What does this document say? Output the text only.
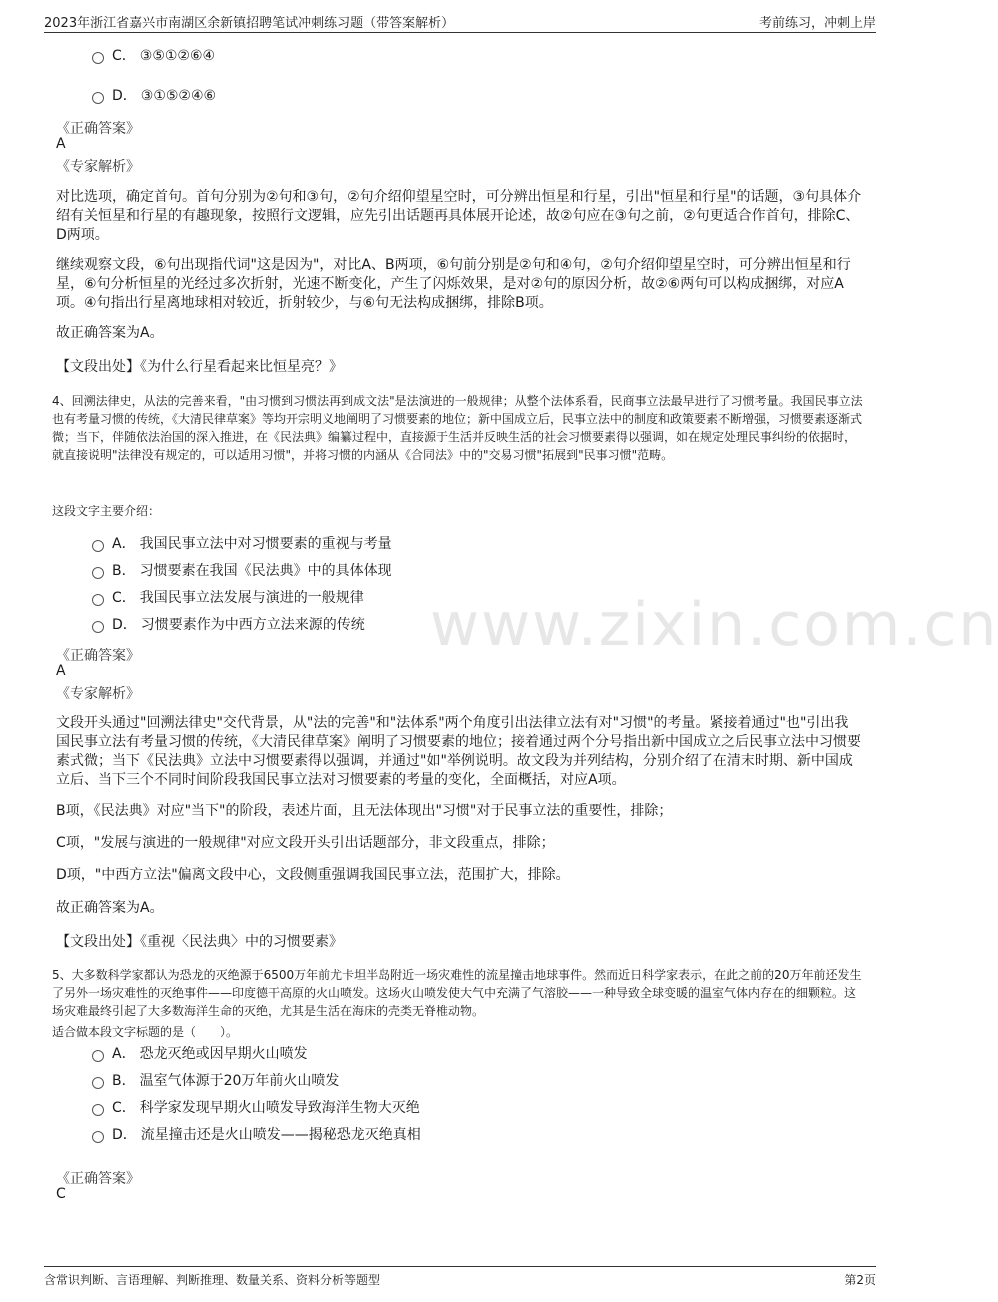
2023年浙江省嘉兴市南湖区余新镇招聘笔试冲刺练习题（带答案解析）	考前练习，冲刺上岸
www.zixin.com.cn
C． ③⑤①②⑥④
D． ③①⑤②④⑥
《正确答案》
A
《专家解析》
对比选项，确定首句。首句分别为②句和③句，②句介绍仰望星空时，可分辨出恒星和行星，引出"恒星和行星"的话题，③句具体介绍有关恒星和行星的有趣现象，按照行文逻辑，应先引出话题再具体展开论述，故②句应在③句之前，②句更适合作首句，排除C、D两项。
继续观察文段，⑥句出现指代词"这是因为"，对比A、B两项，⑥句前分别是②句和④句，②句介绍仰望星空时，可分辨出恒星和行星，⑥句分析恒星的光经过多次折射，光速不断变化，产生了闪烁效果，是对②句的原因分析，故②⑥两句可以构成捆绑，对应A项。④句指出行星离地球相对较近，折射较少，与⑥句无法构成捆绑，排除B项。
故正确答案为A。
【文段出处】《为什么行星看起来比恒星亮？》
4、回溯法律史，从法的完善来看，"由习惯到习惯法再到成文法"是法演进的一般规律；从整个法体系看，民商事立法最早进行了习惯考量。我国民事立法也有考量习惯的传统，《大清民律草案》等均开宗明义地阐明了习惯要素的地位；新中国成立后，民事立法中的制度和政策要素不断增强，习惯要素逐渐式微；当下，伴随依法治国的深入推进，在《民法典》编纂过程中，直接源于生活并反映生活的社会习惯要素得以强调，如在规定处理民事纠纷的依据时，就直接说明"法律没有规定的，可以适用习惯"，并将习惯的内涵从《合同法》中的"交易习惯"拓展到"民事习惯"范畴。
这段文字主要介绍：
A． 我国民事立法中对习惯要素的重视与考量
B． 习惯要素在我国《民法典》中的具体体现
C． 我国民事立法发展与演进的一般规律
D． 习惯要素作为中西方立法来源的传统
《正确答案》
A
《专家解析》
文段开头通过"回溯法律史"交代背景，从"法的完善"和"法体系"两个角度引出法律立法有对"习惯"的考量。紧接着通过"也"引出我国民事立法有考量习惯的传统，《大清民律草案》阐明了习惯要素的地位；接着通过两个分号指出新中国成立之后民事立法中习惯要素式微；当下《民法典》立法中习惯要素得以强调，并通过"如"举例说明。故文段为并列结构，分别介绍了在清末时期、新中国成立后、当下三个不同时间阶段我国民事立法对习惯要素的考量的变化，全面概括，对应A项。
B项，《民法典》对应"当下"的阶段，表述片面，且无法体现出"习惯"对于民事立法的重要性，排除；
C项，"发展与演进的一般规律"对应文段开头引出话题部分，非文段重点，排除；
D项，"中西方立法"偏离文段中心，文段侧重强调我国民事立法，范围扩大，排除。
故正确答案为A。
【文段出处】《重视〈民法典〉中的习惯要素》
5、大多数科学家都认为恐龙的灭绝源于6500万年前尤卡坦半岛附近一场灾难性的流星撞击地球事件。然而近日科学家表示，在此之前的20万年前还发生了另外一场灾难性的灭绝事件——印度德干高原的火山喷发。这场火山喷发使大气中充满了气溶胶——一种导致全球变暖的温室气体内存在的细颗粒。这场灾难最终引起了大多数海洋生命的灭绝，尤其是生活在海床的壳类无脊椎动物。
适合做本段文字标题的是（　　）。
A． 恐龙灭绝或因早期火山喷发
B． 温室气体源于20万年前火山喷发
C． 科学家发现早期火山喷发导致海洋生物大灭绝
D． 流星撞击还是火山喷发——揭秘恐龙灭绝真相
《正确答案》
C
含常识判断、言语理解、判断推理、数量关系、资料分析等题型	第2页
